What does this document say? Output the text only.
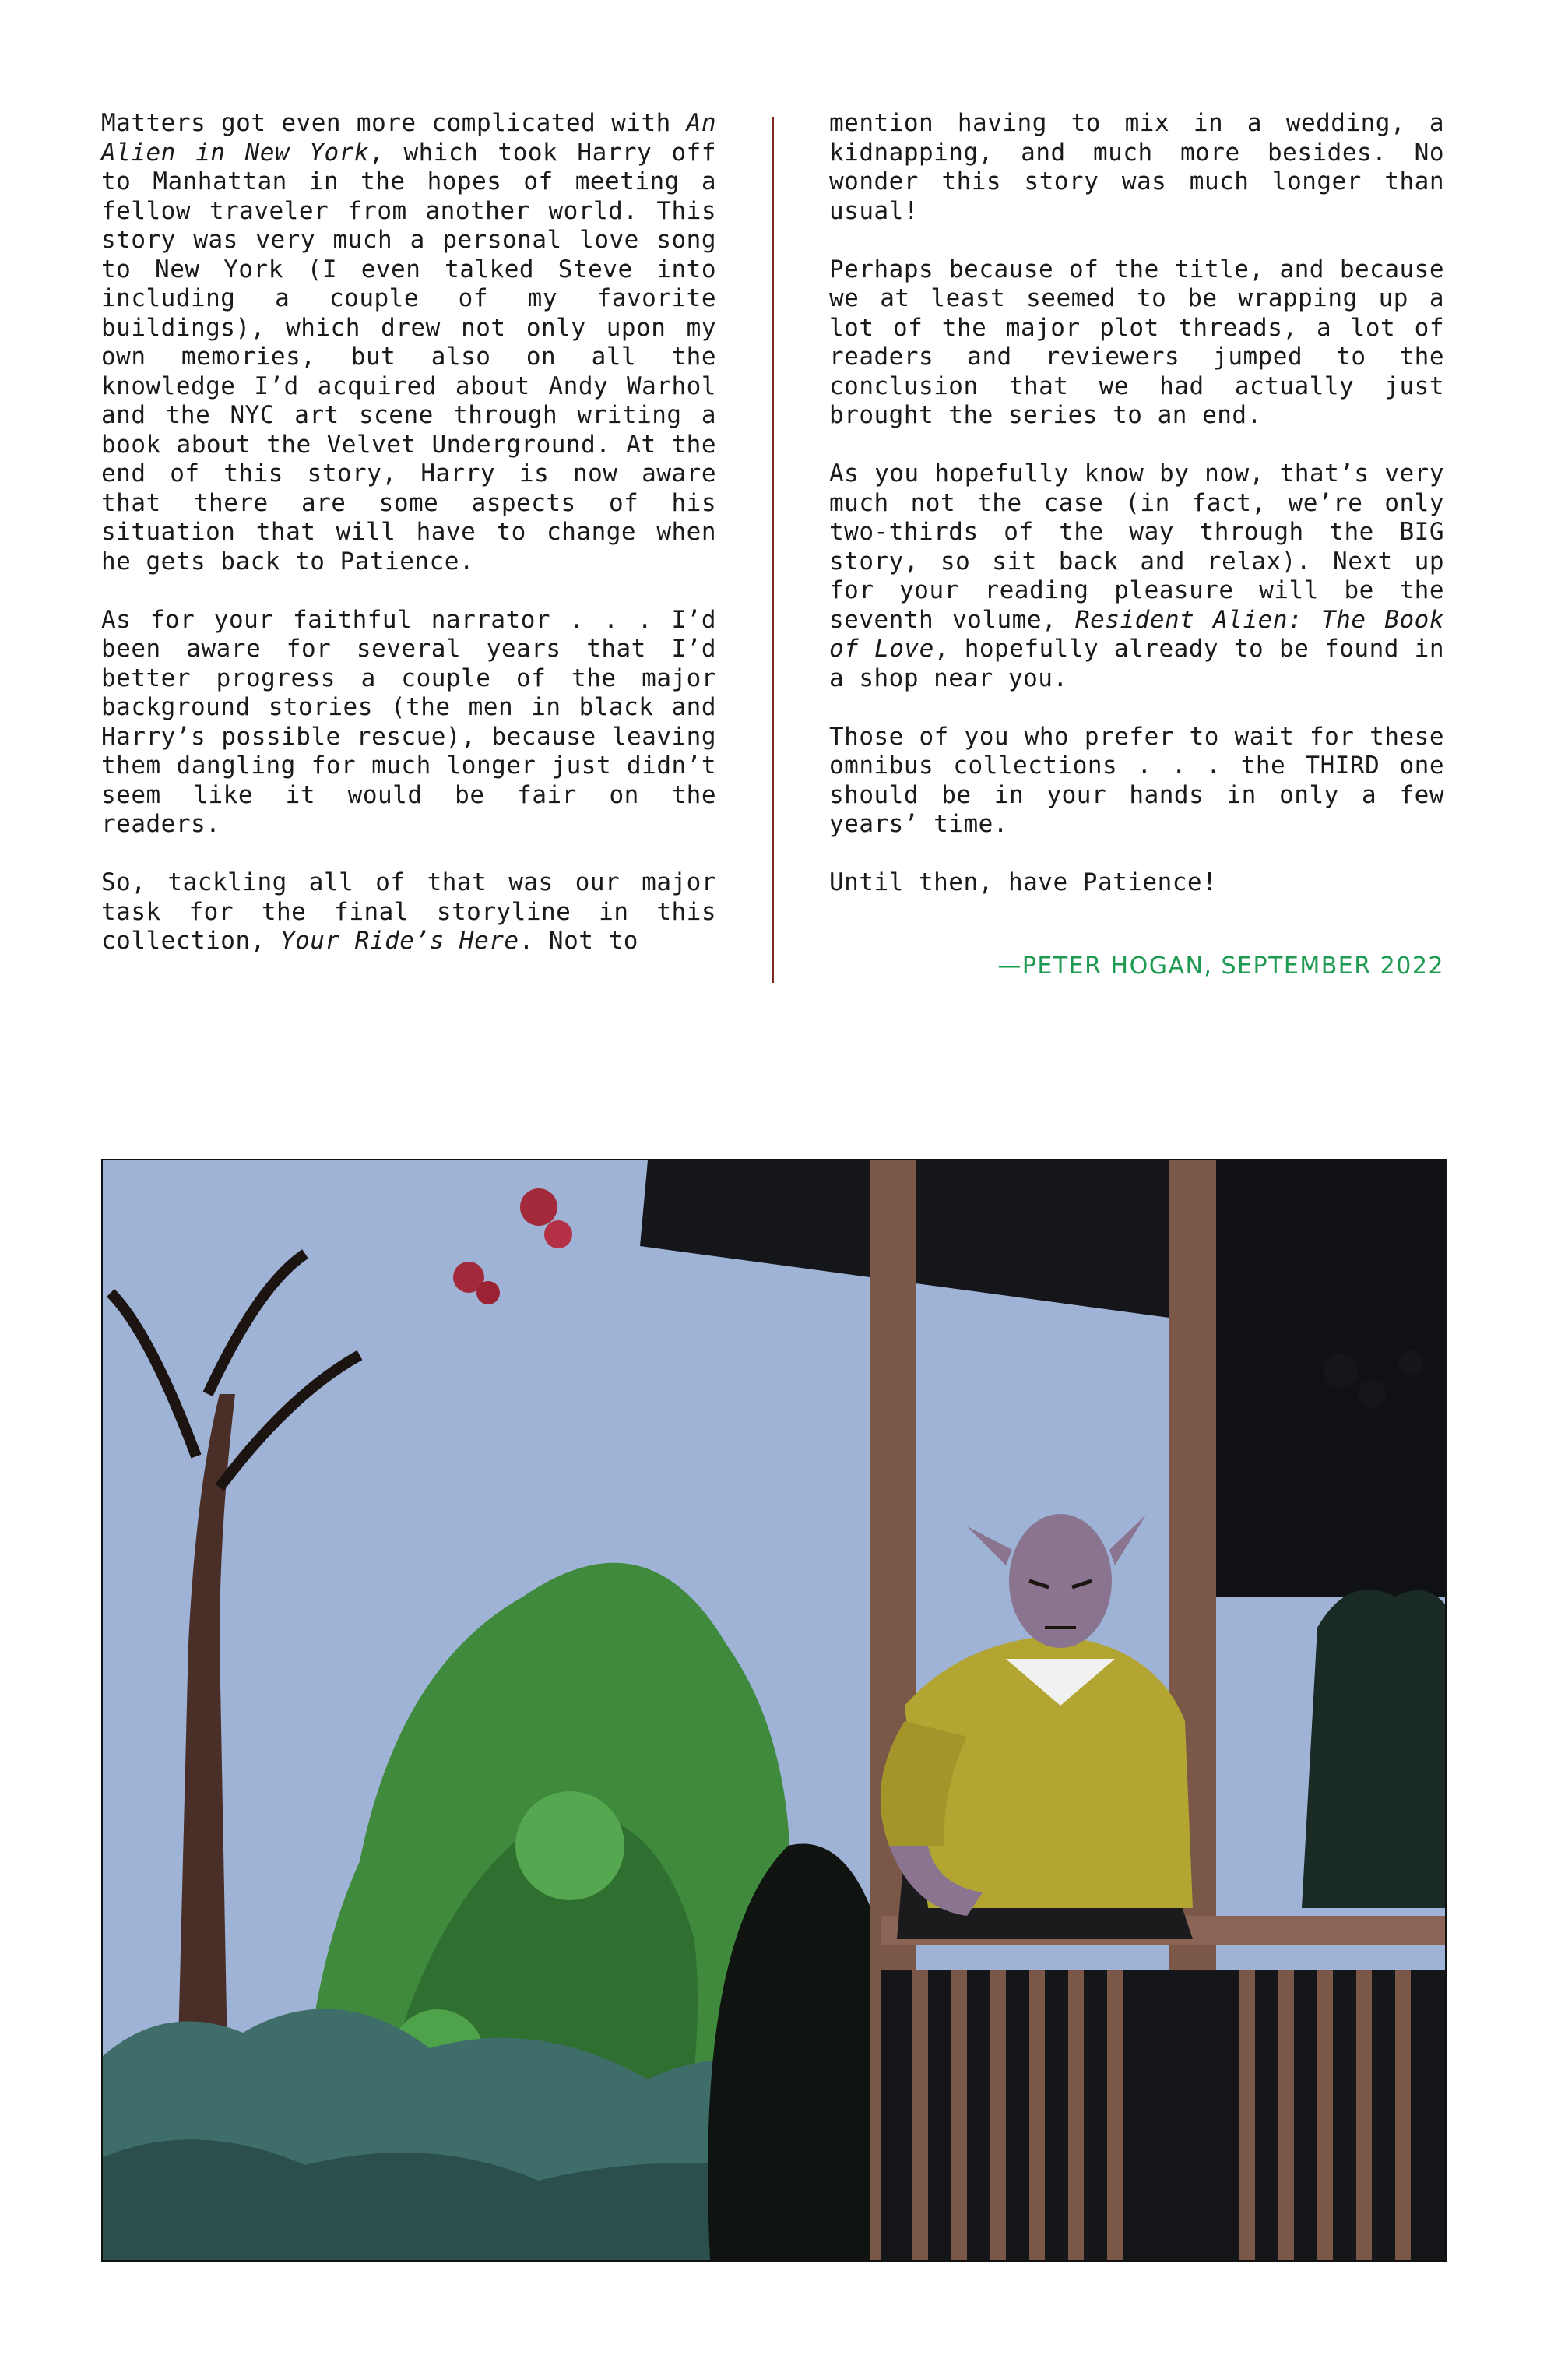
Matters got even more complicated with An Alien in New York, which took Harry off to Manhattan in the hopes of meeting a fellow traveler from another world. This story was very much a personal love song to New York (I even talked Steve into including a couple of my favorite buildings), which drew not only upon my own memories, but also on all the knowledge I’d acquired about Andy Warhol and the NYC art scene through writing a book about the Velvet Underground. At the end of this story, Harry is now aware that there are some aspects of his situation that will have to change when he gets back to Patience.

As for your faithful narrator . . . I’d been aware for several years that I’d better progress a couple of the major background stories (the men in black and Harry’s possible rescue), because leaving them dangling for much longer just didn’t seem like it would be fair on the readers.

So, tackling all of that was our major task for the final storyline in this collection, Your Ride’s Here. Not to

mention having to mix in a wedding, a kidnapping, and much more besides. No wonder this story was much longer than usual!

Perhaps because of the title, and because we at least seemed to be wrapping up a lot of the major plot threads, a lot of readers and reviewers jumped to the conclusion that we had actually just brought the series to an end.

As you hopefully know by now, that’s very much not the case (in fact, we’re only two-thirds of the way through the BIG story, so sit back and relax). Next up for your reading pleasure will be the seventh volume, Resident Alien: The Book of Love, hopefully already to be found in a shop near you.

Those of you who prefer to wait for these omnibus collections . . . the THIRD one should be in your hands in only a few years’ time.

Until then, have Patience!

—PETER HOGAN, SEPTEMBER 2022
